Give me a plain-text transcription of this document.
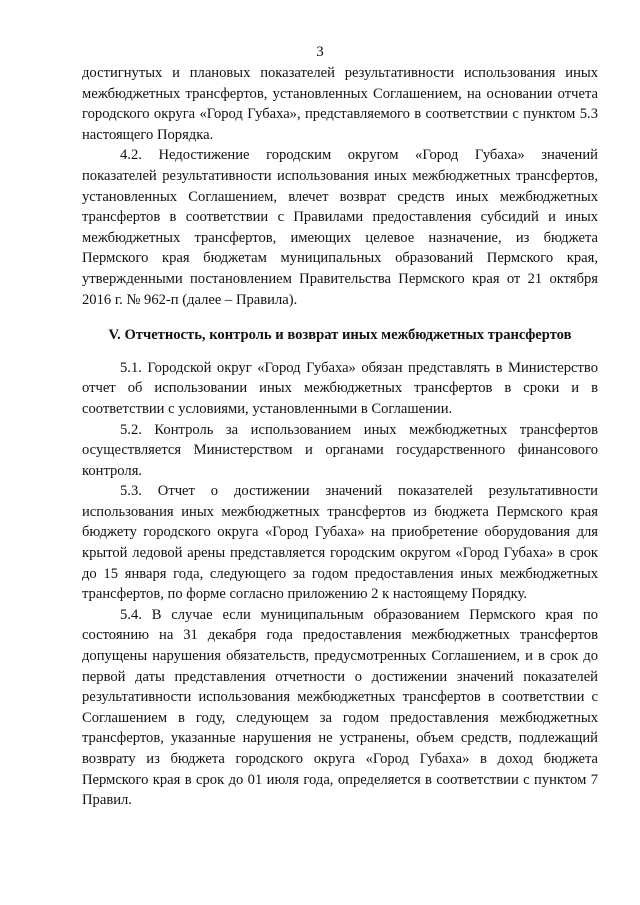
3

достигнутых и плановых показателей результативности использования иных межбюджетных трансфертов, установленных Соглашением, на основании отчета городского округа «Город Губаха», представляемого в соответствии с пунктом 5.3 настоящего Порядка.

4.2. Недостижение городским округом «Город Губаха» значений показателей результативности использования иных межбюджетных трансфертов, установленных Соглашением, влечет возврат средств иных межбюджетных трансфертов в соответствии с Правилами предоставления субсидий и иных межбюджетных трансфертов, имеющих целевое назначение, из бюджета Пермского края бюджетам муниципальных образований Пермского края, утвержденными постановлением Правительства Пермского края от 21 октября 2016 г. № 962-п (далее – Правила).

V. Отчетность, контроль и возврат иных межбюджетных трансфертов

5.1. Городской округ «Город Губаха» обязан представлять в Министерство отчет об использовании иных межбюджетных трансфертов в сроки и в соответствии с условиями, установленными в Соглашении.

5.2. Контроль за использованием иных межбюджетных трансфертов осуществляется Министерством и органами государственного финансового контроля.

5.3. Отчет о достижении значений показателей результативности использования иных межбюджетных трансфертов из бюджета Пермского края бюджету городского округа «Город Губаха» на приобретение оборудования для крытой ледовой арены представляется городским округом «Город Губаха» в срок до 15 января года, следующего за годом предоставления иных межбюджетных трансфертов, по форме согласно приложению 2 к настоящему Порядку.

5.4. В случае если муниципальным образованием Пермского края по состоянию на 31 декабря года предоставления межбюджетных трансфертов допущены нарушения обязательств, предусмотренных Соглашением, и в срок до первой даты представления отчетности о достижении значений показателей результативности использования межбюджетных трансфертов в соответствии с Соглашением в году, следующем за годом предоставления межбюджетных трансфертов, указанные нарушения не устранены, объем средств, подлежащий возврату из бюджета городского округа «Город Губаха» в доход бюджета Пермского края в срок до 01 июля года, определяется в соответствии с пунктом 7 Правил.
